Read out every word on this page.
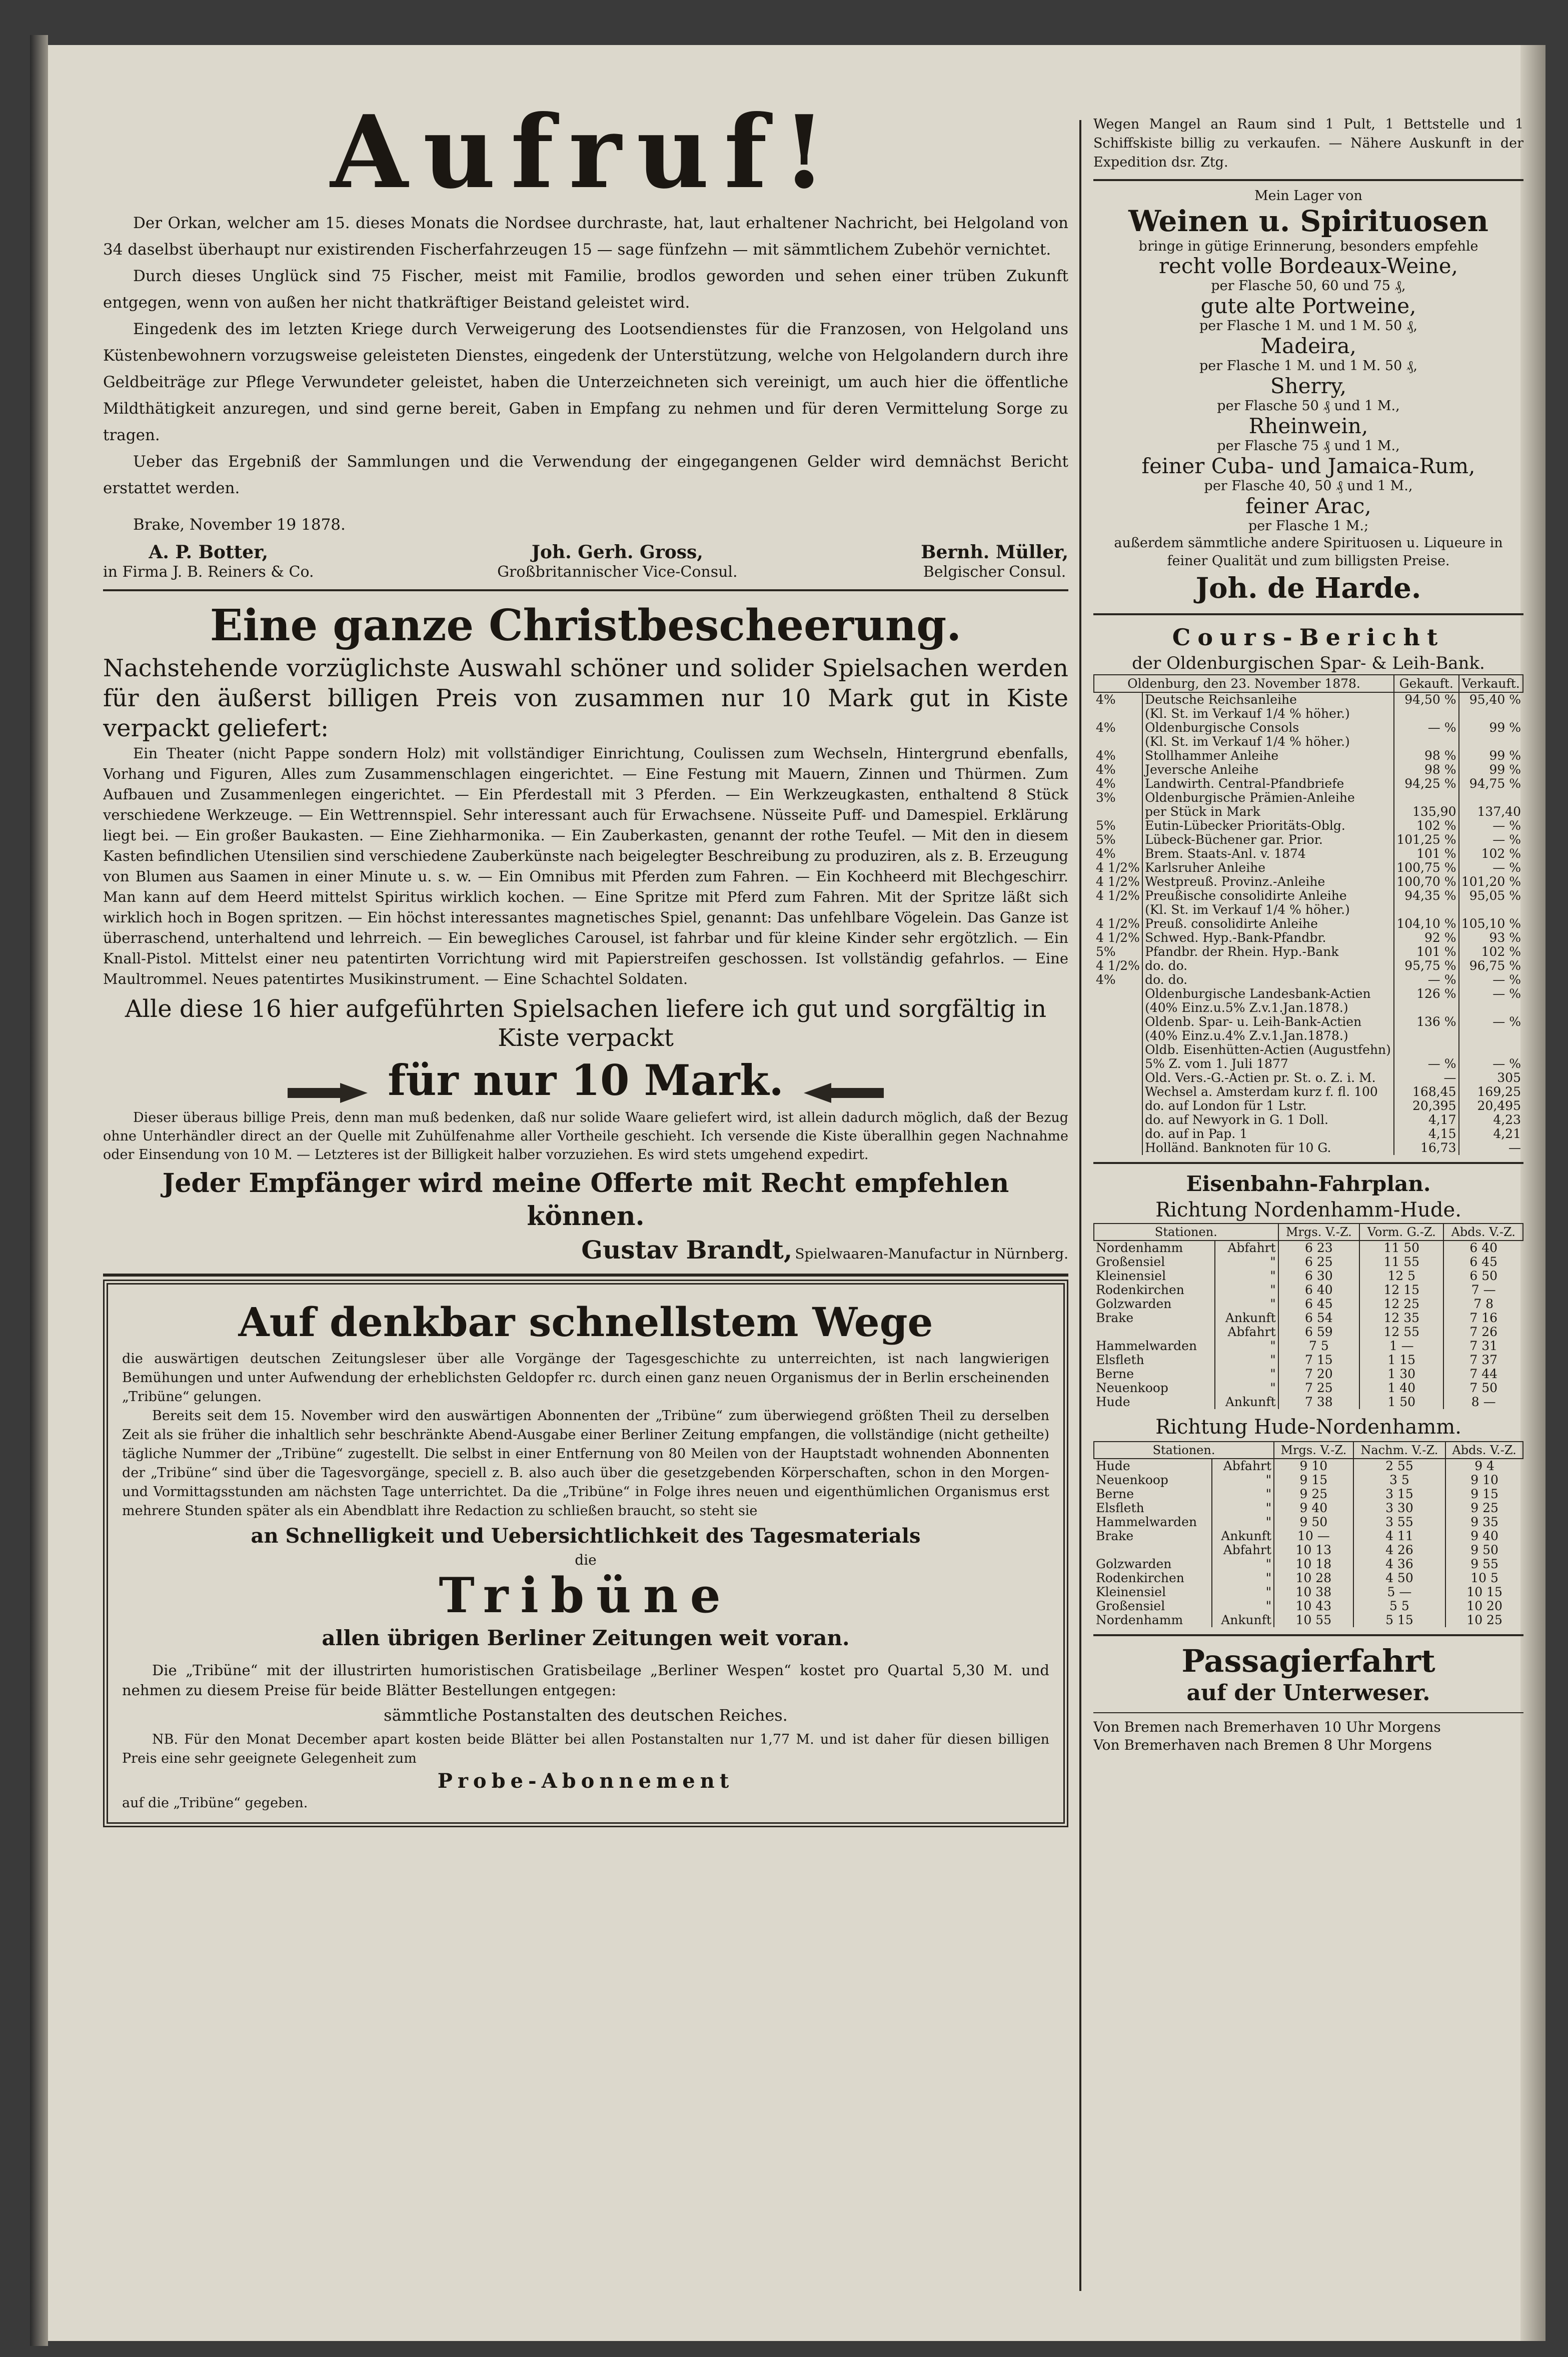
Aufruf!

Der Orkan, welcher am 15. dieses Monats die Nordsee durchraste, hat, laut erhaltener Nachricht, bei Helgoland von 34 daselbst überhaupt nur existirenden Fischerfahrzeugen 15 — sage fünfzehn — mit sämmtlichem Zubehör vernichtet.

Durch dieses Unglück sind 75 Fischer, meist mit Familie, brodlos geworden und sehen einer trüben Zukunft entgegen, wenn von außen her nicht thatkräftiger Beistand geleistet wird.

Eingedenk des im letzten Kriege durch Verweigerung des Lootsendienstes für die Franzosen, von Helgoland uns Küstenbewohnern vorzugsweise geleisteten Dienstes, eingedenk der Unterstützung, welche von Helgolandern durch ihre Geldbeiträge zur Pflege Verwundeter geleistet, haben die Unterzeichneten sich vereinigt, um auch hier die öffentliche Mildthätigkeit anzuregen, und sind gerne bereit, Gaben in Empfang zu nehmen und für deren Vermittelung Sorge zu tragen.

Ueber das Ergebniß der Sammlungen und die Verwendung der eingegangenen Gelder wird demnächst Bericht erstattet werden.

Brake, November 19 1878.

A. P. Botter,
in Firma J. B. Reiners & Co.
Joh. Gerh. Gross,
Großbritannischer Vice-Consul.
Bernh. Müller,
Belgischer Consul.
Eine ganze Christbescheerung.
Nachstehende vorzüglichste Auswahl schöner und solider Spielsachen werden für den äußerst billigen Preis von zusammen nur 10 Mark gut in Kiste verpackt geliefert:
Ein Theater (nicht Pappe sondern Holz) mit vollständiger Einrichtung, Coulissen zum Wechseln, Hintergrund ebenfalls, Vorhang und Figuren, Alles zum Zusammenschlagen eingerichtet. — Eine Festung mit Mauern, Zinnen und Thürmen. Zum Aufbauen und Zusammenlegen eingerichtet. — Ein Pferdestall mit 3 Pferden. — Ein Werkzeugkasten, enthaltend 8 Stück verschiedene Werkzeuge. — Ein Wettrennspiel. Sehr interessant auch für Erwachsene. Nüsseite Puff- und Damespiel. Erklärung liegt bei. — Ein großer Baukasten. — Eine Ziehharmonika. — Ein Zauberkasten, genannt der rothe Teufel. — Mit den in diesem Kasten befindlichen Utensilien sind verschiedene Zauberkünste nach beigelegter Beschreibung zu produziren, als z. B. Erzeugung von Blumen aus Saamen in einer Minute u. s. w. — Ein Omnibus mit Pferden zum Fahren. — Ein Kochheerd mit Blechgeschirr. Man kann auf dem Heerd mittelst Spiritus wirklich kochen. — Eine Spritze mit Pferd zum Fahren. Mit der Spritze läßt sich wirklich hoch in Bogen spritzen. — Ein höchst interessantes magnetisches Spiel, genannt: Das unfehlbare Vögelein. Das Ganze ist überraschend, unterhaltend und lehrreich. — Ein bewegliches Carousel, ist fahrbar und für kleine Kinder sehr ergötzlich. — Ein Knall-Pistol. Mittelst einer neu patentirten Vorrichtung wird mit Papierstreifen geschossen. Ist vollständig gefahrlos. — Eine Maultrommel. Neues patentirtes Musikinstrument. — Eine Schachtel Soldaten.
Alle diese 16 hier aufgeführten Spielsachen liefere ich gut und sorgfältig in Kiste verpackt
für nur 10 Mark.
Dieser überaus billige Preis, denn man muß bedenken, daß nur solide Waare geliefert wird, ist allein dadurch möglich, daß der Bezug ohne Unterhändler direct an der Quelle mit Zuhülfenahme aller Vortheile geschieht. Ich versende die Kiste überallhin gegen Nachnahme oder Einsendung von 10 M. — Letzteres ist der Billigkeit halber vorzuziehen. Es wird stets umgehend expedirt.
Jeder Empfänger wird meine Offerte mit Recht empfehlen können.
Gustav Brandt, Spielwaaren-Manufactur in Nürnberg.
Auf denkbar schnellstem Wege
die auswärtigen deutschen Zeitungsleser über alle Vorgänge der Tagesgeschichte zu unterreichten, ist nach langwierigen Bemühungen und unter Aufwendung der erheblichsten Geldopfer rc. durch einen ganz neuen Organismus der in Berlin erscheinenden „Tribüne“ gelungen.
Bereits seit dem 15. November wird den auswärtigen Abonnenten der „Tribüne“ zum überwiegend größten Theil zu derselben Zeit als sie früher die inhaltlich sehr beschränkte Abend-Ausgabe einer Berliner Zeitung empfangen, die vollständige (nicht getheilte) tägliche Nummer der „Tribüne“ zugestellt. Die selbst in einer Entfernung von 80 Meilen von der Hauptstadt wohnenden Abonnenten der „Tribüne“ sind über die Tagesvorgänge, speciell z. B. also auch über die gesetzgebenden Körperschaften, schon in den Morgen- und Vormittagsstunden am nächsten Tage unterrichtet. Da die „Tribüne“ in Folge ihres neuen und eigenthümlichen Organismus erst mehrere Stunden später als ein Abendblatt ihre Redaction zu schließen braucht, so steht sie
an Schnelligkeit und Uebersichtlichkeit des Tagesmaterials
die
Tribüne
allen übrigen Berliner Zeitungen weit voran.
Die „Tribüne“ mit der illustrirten humoristischen Gratisbeilage „Berliner Wespen“ kostet pro Quartal 5,30 M. und nehmen zu diesem Preise für beide Blätter Bestellungen entgegen:
sämmtliche Postanstalten des deutschen Reiches.
NB. Für den Monat December apart kosten beide Blätter bei allen Postanstalten nur 1,77 M. und ist daher für diesen billigen Preis eine sehr geeignete Gelegenheit zum
Probe-Abonnement
auf die „Tribüne“ gegeben.
Wegen Mangel an Raum sind 1 Pult, 1 Bettstelle und 1 Schiffskiste billig zu verkaufen. — Nähere Auskunft in der Expedition dsr. Ztg.
Mein Lager von
Weinen u. Spirituosen
bringe in gütige Erinnerung, besonders empfehle
recht volle Bordeaux-Weine,
per Flasche 50, 60 und 75 ₰,
gute alte Portweine,
per Flasche 1 M. und 1 M. 50 ₰,
Madeira,
per Flasche 1 M. und 1 M. 50 ₰,
Sherry,
per Flasche 50 ₰ und 1 M.,
Rheinwein,
per Flasche 75 ₰ und 1 M.,
feiner Cuba- und Jamaica-Rum,
per Flasche 40, 50 ₰ und 1 M.,
feiner Arac,
per Flasche 1 M.;
außerdem sämmtliche andere Spirituosen u. Liqueure in feiner Qualität und zum billigsten Preise.
Joh. de Harde.
Cours-Bericht
der Oldenburgischen Spar- & Leih-Bank.
Oldenburg, den 23. November 1878.		Gekauft.	Verkauft.
4%	Deutsche Reichsanleihe	94,50 %	95,40 %
	(Kl. St. im Verkauf 1/4 % höher.)		
4%	Oldenburgische Consols	— %	99 %
	(Kl. St. im Verkauf 1/4 % höher.)		
4%	Stollhammer Anleihe	98 %	99 %
4%	Jeversche Anleihe	98 %	99 %
4%	Landwirth. Central-Pfandbriefe	94,25 %	94,75 %
3%	Oldenburgische Prämien-Anleihe		
	per Stück in Mark	135,90	137,40
5%	Eutin-Lübecker Prioritäts-Oblg.	102 %	— %
5%	Lübeck-Büchener gar. Prior.	101,25 %	— %
4%	Brem. Staats-Anl. v. 1874	101 %	102 %
4 1/2%	Karlsruher Anleihe	100,75 %	— %
4 1/2%	Westpreuß. Provinz.-Anleihe	100,70 %	101,20 %
4 1/2%	Preußische consolidirte Anleihe	94,35 %	95,05 %
	(Kl. St. im Verkauf 1/4 % höher.)		
4 1/2%	Preuß. consolidirte Anleihe	104,10 %	105,10 %
4 1/2%	Schwed. Hyp.-Bank-Pfandbr.	92 %	93 %
5%	Pfandbr. der Rhein. Hyp.-Bank	101 %	102 %
4 1/2%	do. do.	95,75 %	96,75 %
4%	do. do.	— %	— %
	Oldenburgische Landesbank-Actien	126 %	— %
	(40% Einz.u.5% Z.v.1.Jan.1878.)		
	Oldenb. Spar- u. Leih-Bank-Actien	136 %	— %
	(40% Einz.u.4% Z.v.1.Jan.1878.)		
	Oldb. Eisenhütten-Actien (Augustfehn)		
	5% Z. vom 1. Juli 1877	— %	— %
	Old. Vers.-G.-Actien pr. St. o. Z. i. M.	—	305
	Wechsel a. Amsterdam kurz f. fl. 100	168,45	169,25
	do. auf London für 1 Lstr.	20,395	20,495
	do. auf Newyork in G. 1 Doll.	4,17	4,23
	do. auf in Pap. 1	4,15	4,21
	Holländ. Banknoten für 10 G.	16,73	—
Eisenbahn-Fahrplan.
Richtung Nordenhamm-Hude.
Stationen.		Mrgs. V.-Z.	Vorm. G.-Z.	Abds. V.-Z.
Nordenhamm	Abfahrt	6 23	11 50	6 40
Großensiel	"	6 25	11 55	6 45
Kleinensiel	"	6 30	12 5	6 50
Rodenkirchen	"	6 40	12 15	7 —
Golzwarden	"	6 45	12 25	7 8
Brake	Ankunft	6 54	12 35	7 16
	Abfahrt	6 59	12 55	7 26
Hammelwarden	"	7 5	1 —	7 31
Elsfleth	"	7 15	1 15	7 37
Berne	"	7 20	1 30	7 44
Neuenkoop	"	7 25	1 40	7 50
Hude	Ankunft	7 38	1 50	8 —
Richtung Hude-Nordenhamm.
Stationen.		Mrgs. V.-Z.	Nachm. V.-Z.	Abds. V.-Z.
Hude	Abfahrt	9 10	2 55	9 4
Neuenkoop	"	9 15	3 5	9 10
Berne	"	9 25	3 15	9 15
Elsfleth	"	9 40	3 30	9 25
Hammelwarden	"	9 50	3 55	9 35
Brake	Ankunft	10 —	4 11	9 40
	Abfahrt	10 13	4 26	9 50
Golzwarden	"	10 18	4 36	9 55
Rodenkirchen	"	10 28	4 50	10 5
Kleinensiel	"	10 38	5 —	10 15
Großensiel	"	10 43	5 5	10 20
Nordenhamm	Ankunft	10 55	5 15	10 25
Passagierfahrt
auf der Unterweser.
Von Bremen nach Bremerhaven 10 Uhr Morgens
Von Bremerhaven nach Bremen 8 Uhr Morgens
